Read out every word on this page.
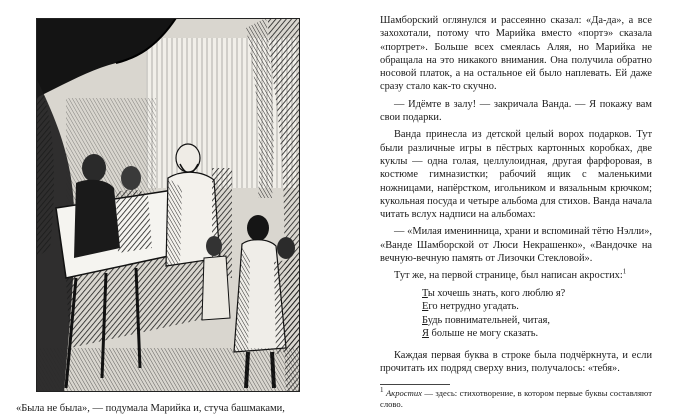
«Была не была», — подумала Марийка и, стуча башмаками,

Шамборский оглянулся и рассеянно сказал: «Да-да», а все захохотали, потому что Марийка вместо «портэ» сказала «портрет». Больше всех смеялась Аляя, но Марийка не обращала на это никакого внимания. Она получила обратно носовой платок, а на остальное ей было наплевать. Ей даже сразу стало как-то скучно.

— Идёмте в залу! — закричала Ванда. — Я покажу вам свои подарки.

Ванда принесла из детской целый ворох подарков. Тут были различные игры в пёстрых картонных коробках, две куклы — одна голая, целлулоидная, другая фарфоровая, в костюме гимназистки; рабочий ящик с маленькими ножницами, напёрстком, игольником и вязальным крючком; кукольная посуда и четыре альбома для стихов. Ванда начала читать вслух надписи на альбомах:

— «Милая именинница, храни и вспоминай тётю Нэлли», «Ванде Шамборской от Люси Некрашенко», «Вандочке на вечную-вечную память от Лизочки Стекловой».

Тут же, на первой странице, был написан акростих:$^1$

Ты хочешь знать, кого люблю я?
Его нетрудно угадать.
Будь повнимательней, читая,
Я больше не могу сказать.

Каждая первая буква в строке была подчёркнута, и если прочитать их подряд сверху вниз, получалось: «тебя».

$^1$ Акростих — здесь: стихотворение, в котором первые буквы составляют слово.
